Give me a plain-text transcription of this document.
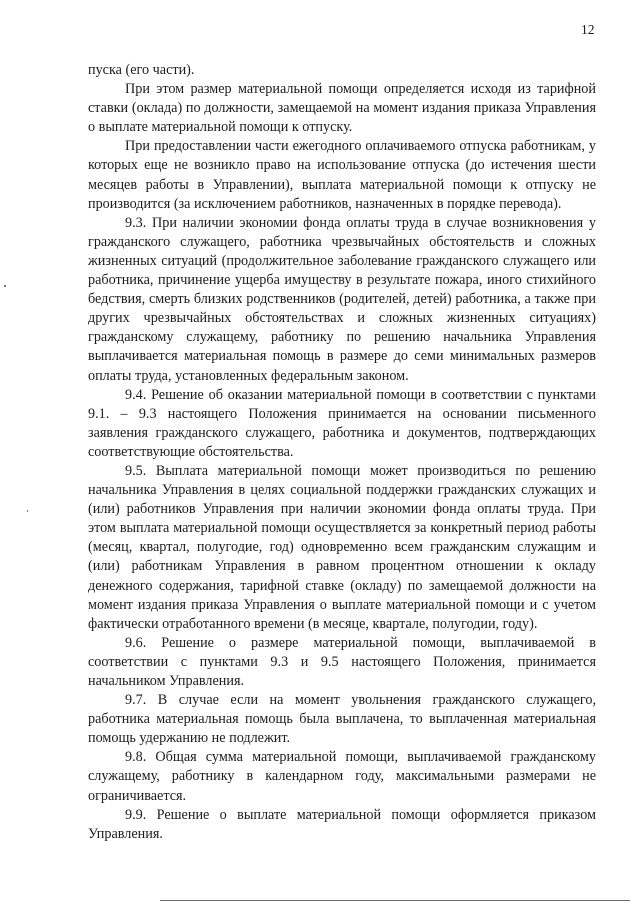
12

пуска (его части).

При этом размер материальной помощи определяется исходя из тарифной ставки (оклада) по должности, замещаемой на момент издания приказа Управления о выплате материальной помощи к отпуску.

При предоставлении части ежегодного оплачиваемого отпуска работникам, у которых еще не возникло право на использование отпуска (до истечения шести месяцев работы в Управлении), выплата материальной помощи к отпуску не производится (за исключением работников, назначенных в порядке перевода).

9.3. При наличии экономии фонда оплаты труда в случае возникновения у гражданского служащего, работника чрезвычайных обстоятельств и сложных жизненных ситуаций (продолжительное заболевание гражданского служащего или работника, причинение ущерба имуществу в результате пожара, иного стихийного бедствия, смерть близких родственников (родителей, детей) работника, а также при других чрезвычайных обстоятельствах и сложных жизненных ситуациях) гражданскому служащему, работнику по решению начальника Управления выплачивается материальная помощь в размере до семи минимальных размеров оплаты труда, установленных федеральным законом.

9.4. Решение об оказании материальной помощи в соответствии с пунктами 9.1. – 9.3 настоящего Положения принимается на основании письменного заявления гражданского служащего, работника и документов, подтверждающих соответствующие обстоятельства.

9.5. Выплата материальной помощи может производиться по решению начальника Управления в целях социальной поддержки гражданских служащих и (или) работников Управления при наличии экономии фонда оплаты труда. При этом выплата материальной помощи осуществляется за конкретный период работы (месяц, квартал, полугодие, год) одновременно всем гражданским служащим и (или) работникам Управления в равном процентном отношении к окладу денежного содержания, тарифной ставке (окладу) по замещаемой должности на момент издания приказа Управления о выплате материальной помощи и с учетом фактически отработанного времени (в месяце, квартале, полугодии, году).

9.6. Решение о размере материальной помощи, выплачиваемой в соответствии с пунктами 9.3 и 9.5 настоящего Положения, принимается начальником Управления.

9.7. В случае если на момент увольнения гражданского служащего, работника материальная помощь была выплачена, то выплаченная материальная помощь удержанию не подлежит.

9.8. Общая сумма материальной помощи, выплачиваемой гражданскому служащему, работнику в календарном году, максимальными размерами не ограничивается.

9.9. Решение о выплате материальной помощи оформляется приказом Управления.
